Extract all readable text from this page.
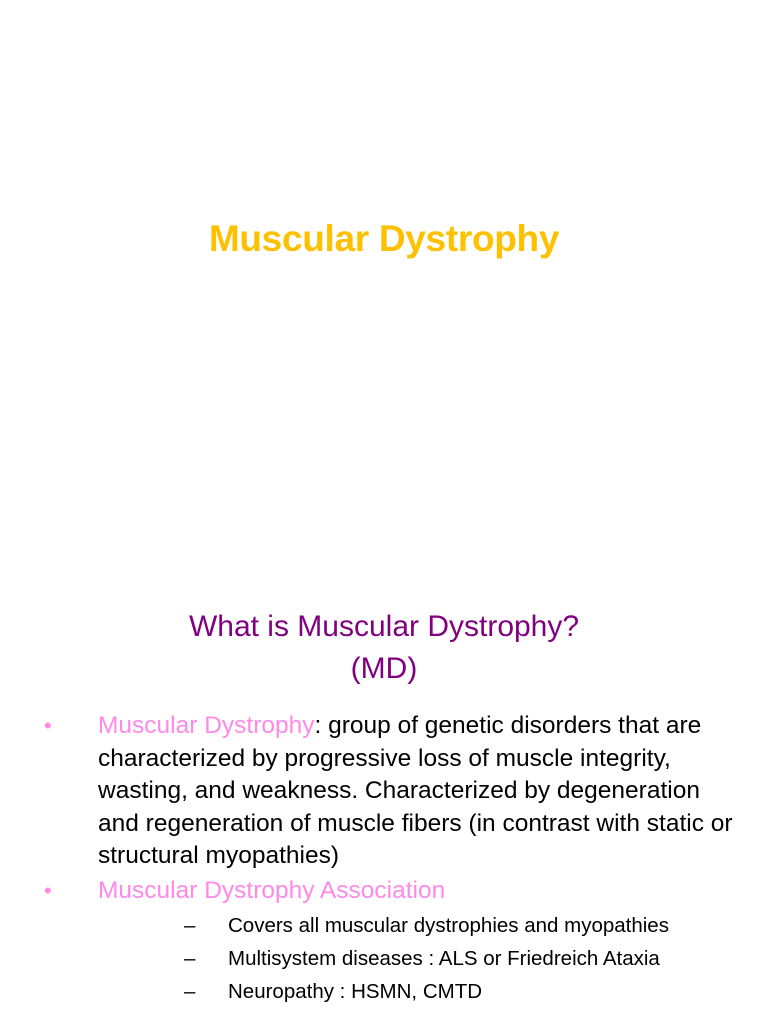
Muscular Dystrophy
What is Muscular Dystrophy?
(MD)
• Muscular Dystrophy: group of genetic disorders that are characterized by progressive loss of muscle integrity, wasting, and weakness. Characterized by degeneration and regeneration of muscle fibers (in contrast with static or structural myopathies)
• Muscular Dystrophy Association
– Covers all muscular dystrophies and myopathies
– Multisystem diseases : ALS or Friedreich Ataxia
– Neuropathy : HSMN, CMTD
